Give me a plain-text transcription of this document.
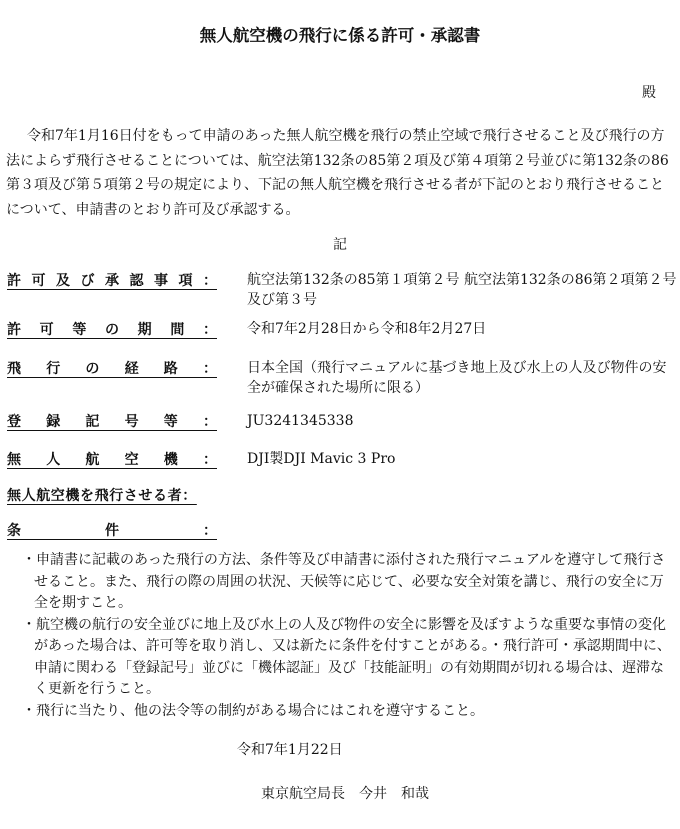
無人航空機の飛行に係る許可・承認書
殿
令和7年1月16日付をもって申請のあった無人航空機を飛行の禁止空域で飛行させること及び飛行の方法によらず飛行させることについては、航空法第132条の85第２項及び第４項第２号並びに第132条の86第３項及び第５項第２号の規定により、下記の無人航空機を飛行させる者が下記のとおり飛行させることについて、申請書のとおり許可及び承認する。
記
許可及び承認事項： 航空法第132条の85第１項第２号 航空法第132条の86第２項第２号及び第３号
許可等の期間： 令和7年2月28日から令和8年2月27日
飛行の経路： 日本全国（飛行マニュアルに基づき地上及び水上の人及び物件の安全が確保された場所に限る）
登録記号等： JU3241345338
無人航空機： DJI製DJI Mavic 3 Pro
無人航空機を飛行させる者：
条件：
・申請書に記載のあった飛行の方法、条件等及び申請書に添付された飛行マニュアルを遵守して飛行させること。また、飛行の際の周囲の状況、天候等に応じて、必要な安全対策を講じ、飛行の安全に万全を期すこと。
・航空機の航行の安全並びに地上及び水上の人及び物件の安全に影響を及ぼすような重要な事情の変化があった場合は、許可等を取り消し、又は新たに条件を付すことがある。・飛行許可・承認期間中に、申請に関わる「登録記号」並びに「機体認証」及び「技能証明」の有効期間が切れる場合は、遅滞なく更新を行うこと。
・飛行に当たり、他の法令等の制約がある場合にはこれを遵守すること。
令和7年1月22日
東京航空局長　今井　和哉
